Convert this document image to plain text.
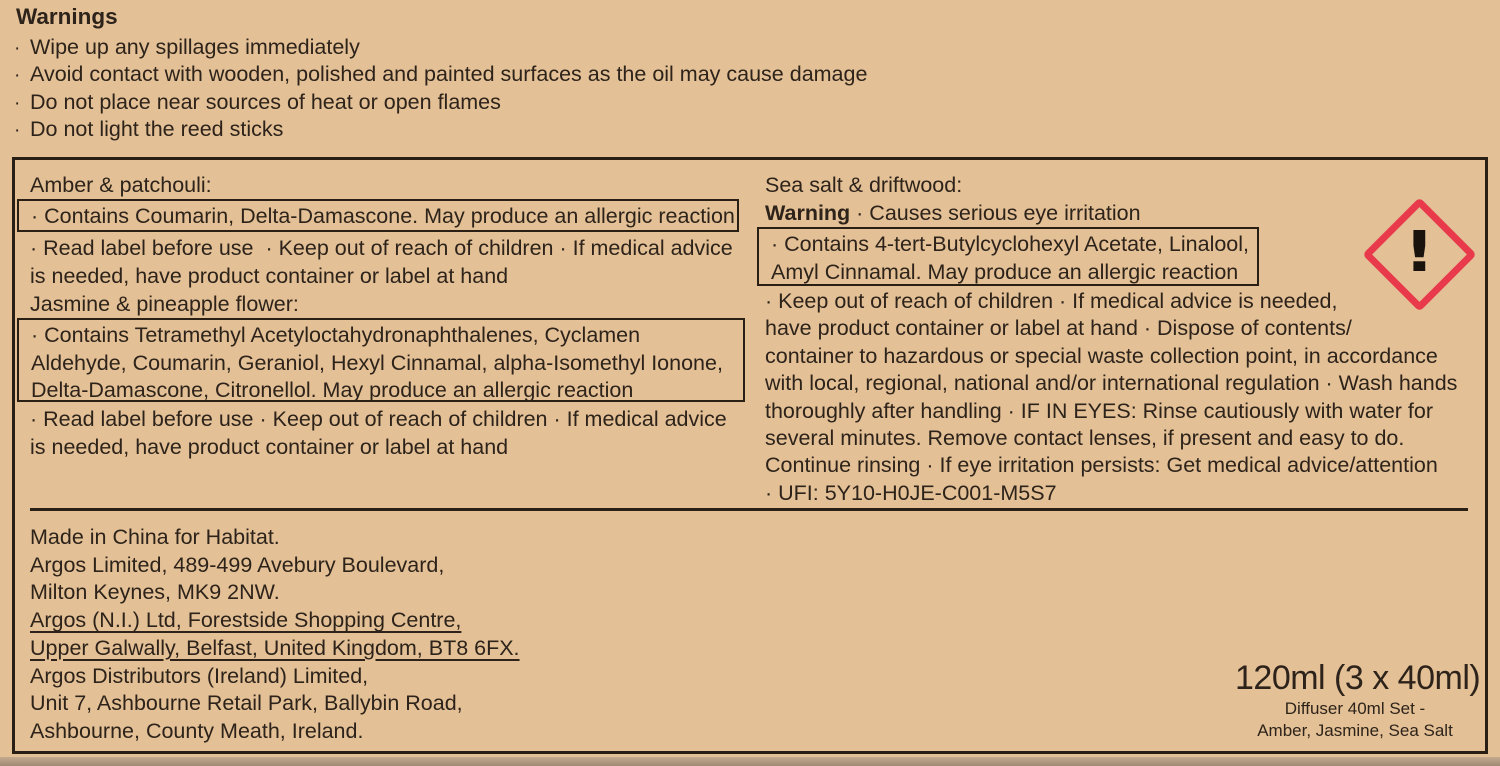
Warnings
· Wipe up any spillages immediately
· Avoid contact with wooden, polished and painted surfaces as the oil may cause damage
· Do not place near sources of heat or open flames
· Do not light the reed sticks
Amber & patchouli:
· Contains Coumarin, Delta-Damascone. May produce an allergic reaction
· Read label before use  · Keep out of reach of children · If medical advice
is needed, have product container or label at hand
Jasmine & pineapple flower:
· Contains Tetramethyl Acetyloctahydronaphthalenes, Cyclamen
Aldehyde, Coumarin, Geraniol, Hexyl Cinnamal, alpha-Isomethyl Ionone,
Delta-Damascone, Citronellol. May produce an allergic reaction
· Read label before use · Keep out of reach of children · If medical advice
is needed, have product container or label at hand
Sea salt & driftwood:
Warning · Causes serious eye irritation
· Contains 4-tert-Butylcyclohexyl Acetate, Linalool,
Amyl Cinnamal. May produce an allergic reaction
· Keep out of reach of children · If medical advice is needed,
have product container or label at hand · Dispose of contents/
container to hazardous or special waste collection point, in accordance
with local, regional, national and/or international regulation · Wash hands
thoroughly after handling · IF IN EYES: Rinse cautiously with water for
several minutes. Remove contact lenses, if present and easy to do.
Continue rinsing · If eye irritation persists: Get medical advice/attention
· UFI: 5Y10-H0JE-C001-M5S7
!
Made in China for Habitat.
Argos Limited, 489-499 Avebury Boulevard,
Milton Keynes, MK9 2NW.
Argos (N.I.) Ltd, Forestside Shopping Centre,
Upper Galwally, Belfast, United Kingdom, BT8 6FX.
Argos Distributors (Ireland) Limited,
Unit 7, Ashbourne Retail Park, Ballybin Road,
Ashbourne, County Meath, Ireland.
120ml (3 x 40ml)
Diffuser 40ml Set -
Amber, Jasmine, Sea Salt
